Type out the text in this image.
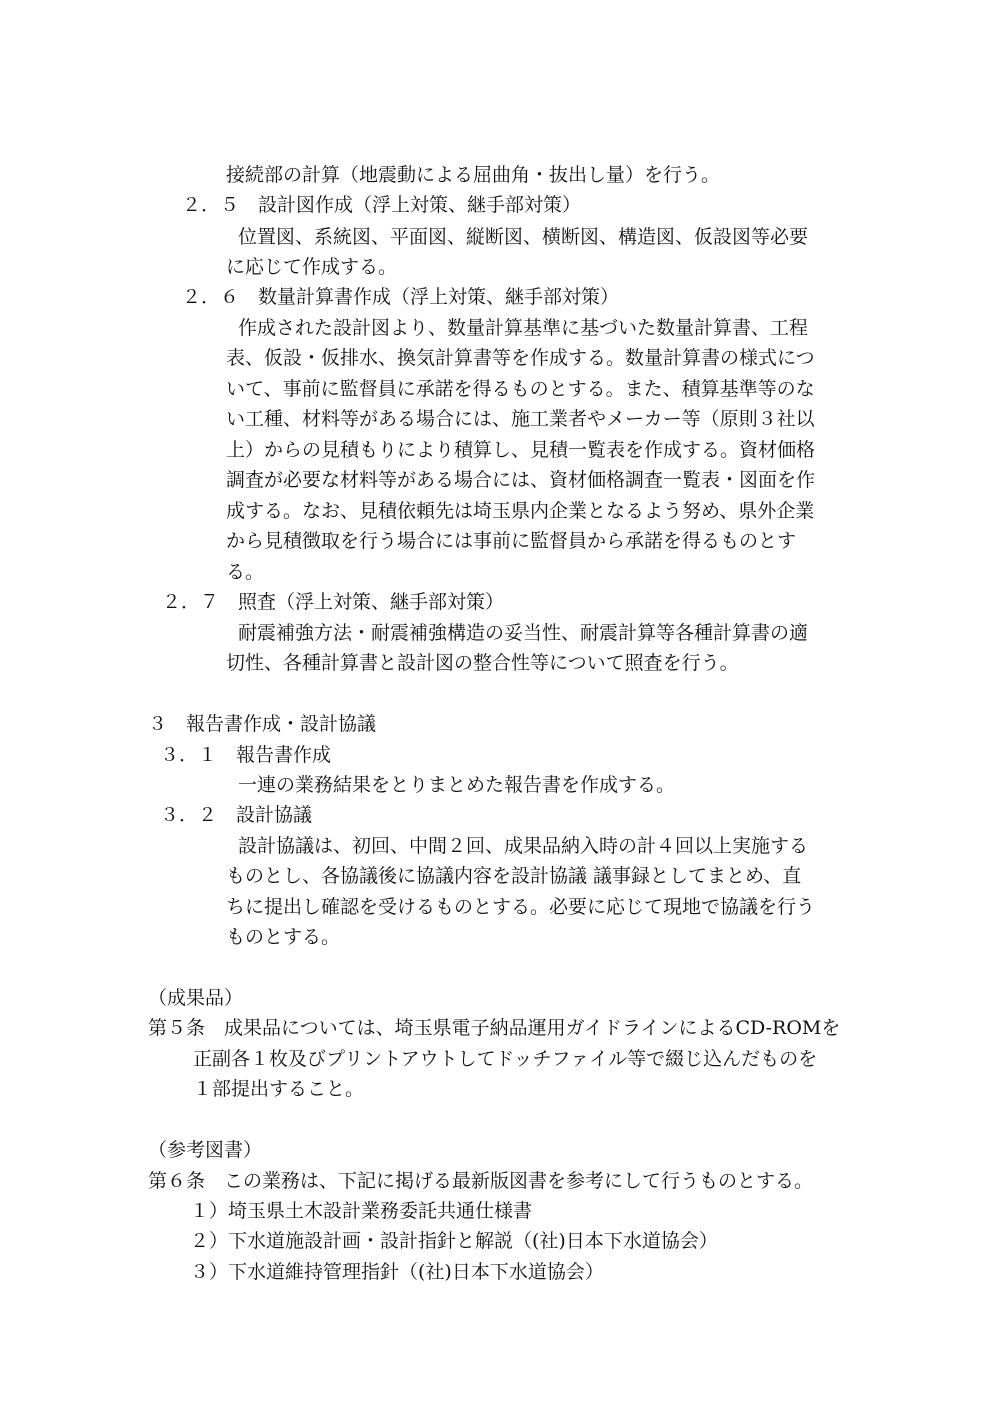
接続部の計算（地震動による屈曲角・抜出し量）を行う。
２．５　設計図作成（浮上対策、継手部対策）
位置図、系統図、平面図、縦断図、横断図、構造図、仮設図等必要
に応じて作成する。
２．６　数量計算書作成（浮上対策、継手部対策）
作成された設計図より、数量計算基準に基づいた数量計算書、工程
表、仮設・仮排水、換気計算書等を作成する。数量計算書の様式につ
いて、事前に監督員に承諾を得るものとする。また、積算基準等のな
い工種、材料等がある場合には、施工業者やメーカー等（原則３社以
上）からの見積もりにより積算し、見積一覧表を作成する。資材価格
調査が必要な材料等がある場合には、資材価格調査一覧表・図面を作
成する。なお、見積依頼先は埼玉県内企業となるよう努め、県外企業
から見積徴取を行う場合には事前に監督員から承諾を得るものとす
る。
２．７　照査（浮上対策、継手部対策）
耐震補強方法・耐震補強構造の妥当性、耐震計算等各種計算書の適
切性、各種計算書と設計図の整合性等について照査を行う。
３　報告書作成・設計協議
３．１　報告書作成
一連の業務結果をとりまとめた報告書を作成する。
３．２　設計協議
設計協議は、初回、中間２回、成果品納入時の計４回以上実施する
ものとし、各協議後に協議内容を設計協議 議事録としてまとめ、直
ちに提出し確認を受けるものとする。必要に応じて現地で協議を行う
ものとする。
（成果品）
第５条　成果品については、埼玉県電子納品運用ガイドラインによるCD-ROMを
正副各１枚及びプリントアウトしてドッチファイル等で綴じ込んだものを
１部提出すること。
（参考図書）
第６条　この業務は、下記に掲げる最新版図書を参考にして行うものとする。
１）埼玉県土木設計業務委託共通仕様書
２）下水道施設計画・設計指針と解説（(社)日本下水道協会）
３）下水道維持管理指針（(社)日本下水道協会）
